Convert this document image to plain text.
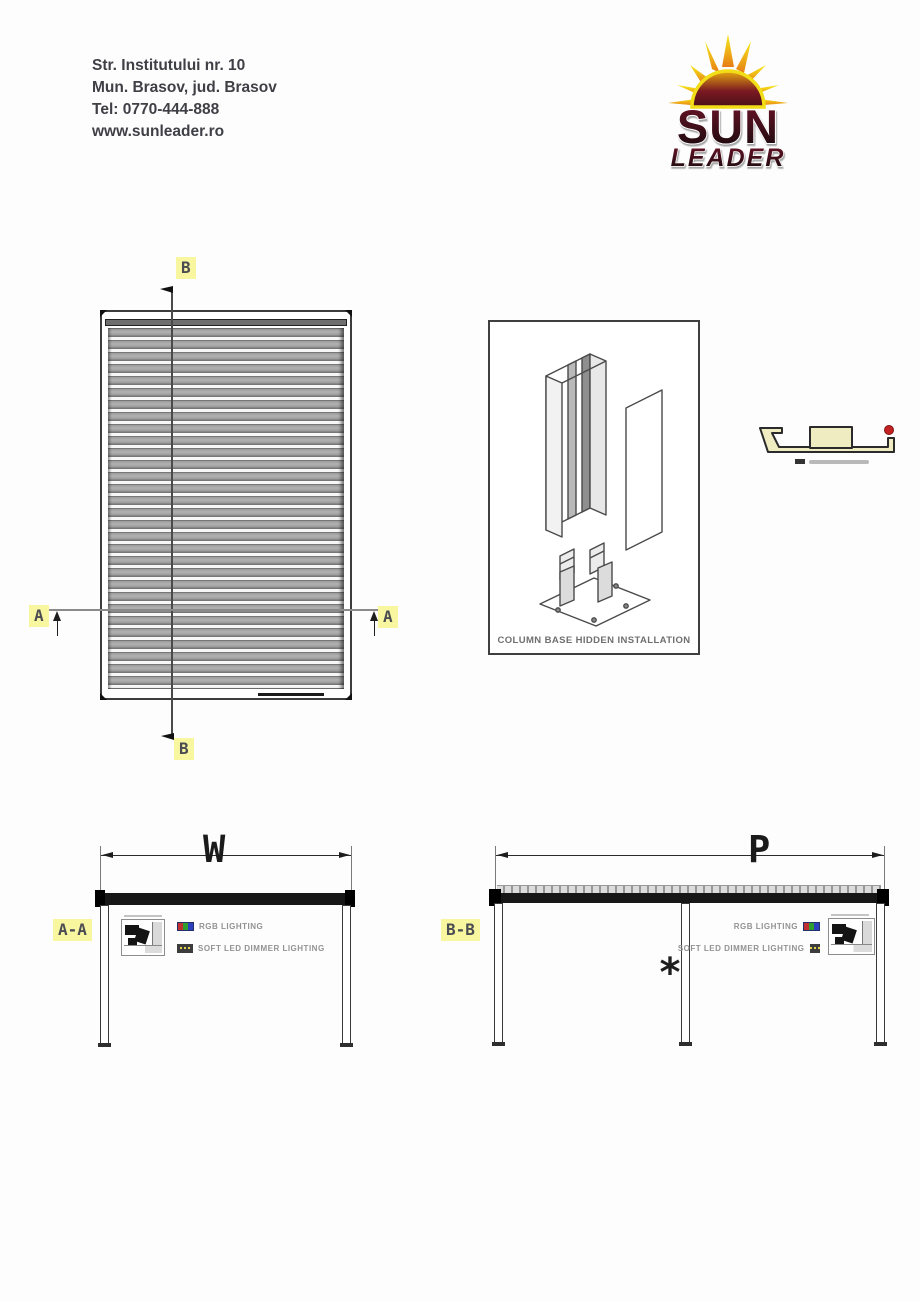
Str. Institutului nr. 10
Mun. Brasov, jud. Brasov
Tel: 0770-444-888
www.sunleader.ro	SUN
LEADER
B
B
A	A
COLUMN BASE HIDDEN INSTALLATION
W
A-A	RGB LIGHTING
SOFT LED DIMMER LIGHTING
P
B-B
*
RGB LIGHTING
SOFT LED DIMMER LIGHTING
